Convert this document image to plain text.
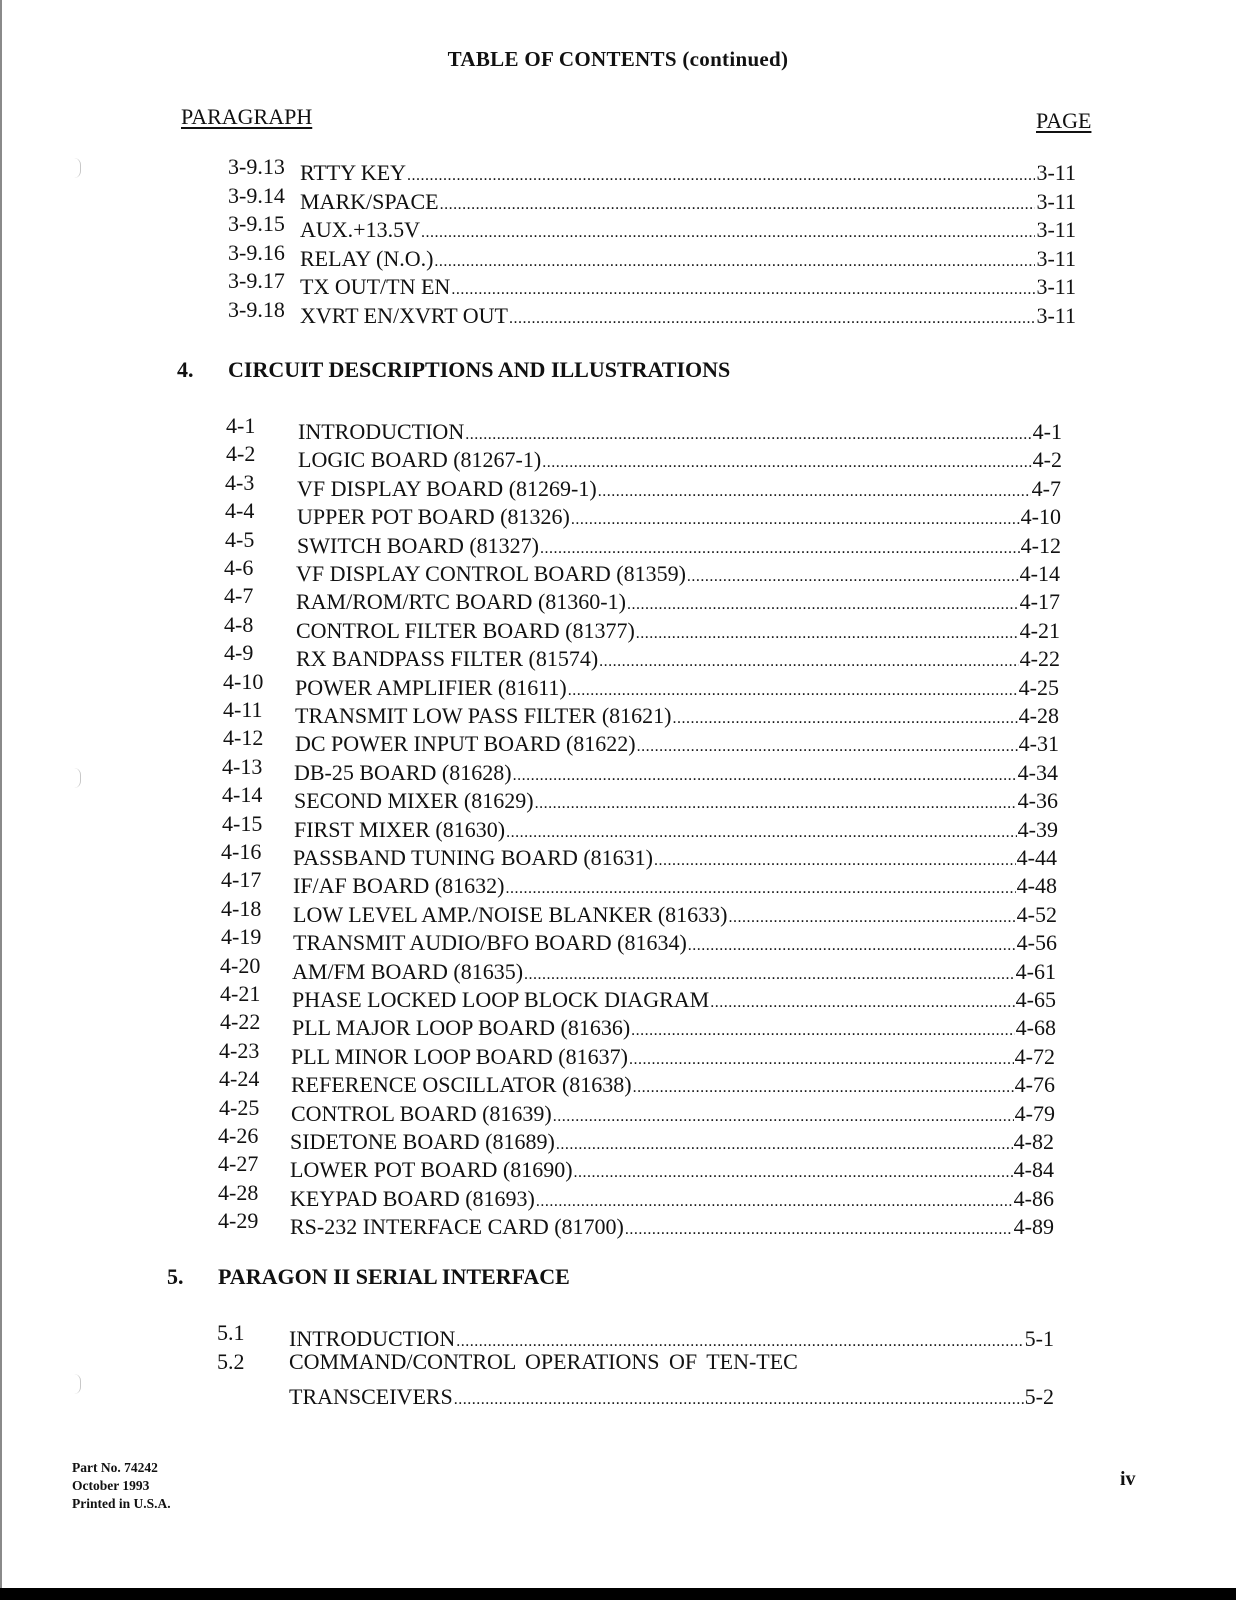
TABLE OF CONTENTS (continued)
PARAGRAPH	PAGE
3-9.13 RTTY KEY .....	3-11
3-9.14 MARK/SPACE .....	3-11
3-9.15 AUX.+13.5V .....	3-11
3-9.16 RELAY (N.O.) .....	3-11
3-9.17 TX OUT/TN EN .....	3-11
3-9.18 XVRT EN/XVRT OUT .....	3-11
4. CIRCUIT DESCRIPTIONS AND ILLUSTRATIONS
4-1 INTRODUCTION .....	4-1
4-2 LOGIC BOARD (81267-1) .....	4-2
4-3 VF DISPLAY BOARD (81269-1) .....	4-7
4-4 UPPER POT BOARD (81326) .....	4-10
4-5 SWITCH BOARD (81327) .....	4-12
4-6 VF DISPLAY CONTROL BOARD (81359) .....	4-14
4-7 RAM/ROM/RTC BOARD (81360-1) .....	4-17
4-8 CONTROL FILTER BOARD (81377) .....	4-21
4-9 RX BANDPASS FILTER (81574) .....	4-22
4-10 POWER AMPLIFIER (81611) .....	4-25
4-11 TRANSMIT LOW PASS FILTER (81621) .....	4-28
4-12 DC POWER INPUT BOARD (81622) .....	4-31
4-13 DB-25 BOARD (81628) .....	4-34
4-14 SECOND MIXER (81629) .....	4-36
4-15 FIRST MIXER (81630) .....	4-39
4-16 PASSBAND TUNING BOARD (81631) .....	4-44
4-17 IF/AF BOARD (81632) .....	4-48
4-18 LOW LEVEL AMP./NOISE BLANKER (81633) .....	4-52
4-19 TRANSMIT AUDIO/BFO BOARD (81634) .....	4-56
4-20 AM/FM BOARD (81635) .....	4-61
4-21 PHASE LOCKED LOOP BLOCK DIAGRAM .....	4-65
4-22 PLL MAJOR LOOP BOARD (81636) .....	4-68
4-23 PLL MINOR LOOP BOARD (81637) .....	4-72
4-24 REFERENCE OSCILLATOR (81638) .....	4-76
4-25 CONTROL BOARD (81639) .....	4-79
4-26 SIDETONE BOARD (81689) .....	4-82
4-27 LOWER POT BOARD (81690) .....	4-84
4-28 KEYPAD BOARD (81693) .....	4-86
4-29 RS-232 INTERFACE CARD (81700) .....	4-89
5. PARAGON II SERIAL INTERFACE
5.1 INTRODUCTION .....	5-1
5.2 COMMAND/CONTROL OPERATIONS OF TEN-TEC
TRANSCEIVERS .....	5-2
Part No. 74242
October 1993
Printed in U.S.A.
iv
